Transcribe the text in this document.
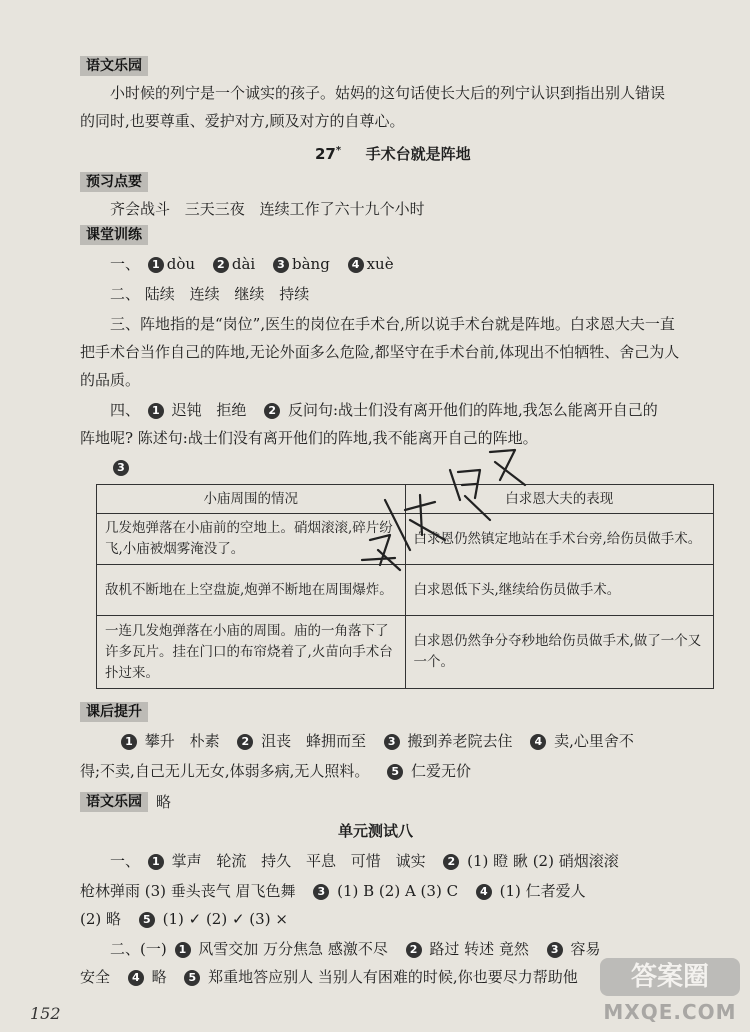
语文乐园
小时候的列宁是一个诚实的孩子。姑妈的这句话使长大后的列宁认识到指出别人错误
的同时,也要尊重、爱护对方,顾及对方的自尊心。
27* 手术台就是阵地
预习点要
齐会战斗 三天三夜 连续工作了六十九个小时
课堂训练
一、 1 dòu 2 dài 3 bàng 4 xuè
二、 陆续 连续 继续 持续
三、阵地指的是“岗位”,医生的岗位在手术台,所以说手术台就是阵地。白求恩大夫一直
把手术台当作自己的阵地,无论外面多么危险,都坚守在手术台前,体现出不怕牺牲、舍己为人
的品质。
四、 1 迟钝 拒绝 2 反问句:战士们没有离开他们的阵地,我怎么能离开自己的
阵地呢? 陈述句:战士们没有离开他们的阵地,我不能离开自己的阵地。
3
小庙周围的情况	白求恩大夫的表现
几发炮弹落在小庙前的空地上。硝烟滚滚,碎片纷飞,小庙被烟雾淹没了。	白求恩仍然镇定地站在手术台旁,给伤员做手术。
敌机不断地在上空盘旋,炮弹不断地在周围爆炸。	白求恩低下头,继续给伤员做手术。
一连几发炮弹落在小庙的周围。庙的一角落下了许多瓦片。挂在门口的布帘烧着了,火苗向手术台扑过来。	白求恩仍然争分夺秒地给伤员做手术,做了一个又一个。
课后提升
1 攀升 朴素 2 沮丧 蜂拥而至 3 搬到养老院去住 4 卖,心里舍不
得;不卖,自己无儿无女,体弱多病,无人照料。 5 仁爱无价
语文乐园 略
单元测试八
一、 1 掌声 轮流 持久 平息 可惜 诚实 2 (1) 瞪 瞅 (2) 硝烟滚滚
枪林弹雨 (3) 垂头丧气 眉飞色舞 3 (1) B (2) A (3) C 4 (1) 仁者爱人
(2) 略 5 (1) ✓ (2) ✓ (3) ×
二、(一) 1 风雪交加 万分焦急 感激不尽 2 路过 转述 竟然 3 容易
安全 4 略 5 郑重地答应别人 当别人有困难的时候,你也要尽力帮助他
152
答案圈
MXQE.COM
